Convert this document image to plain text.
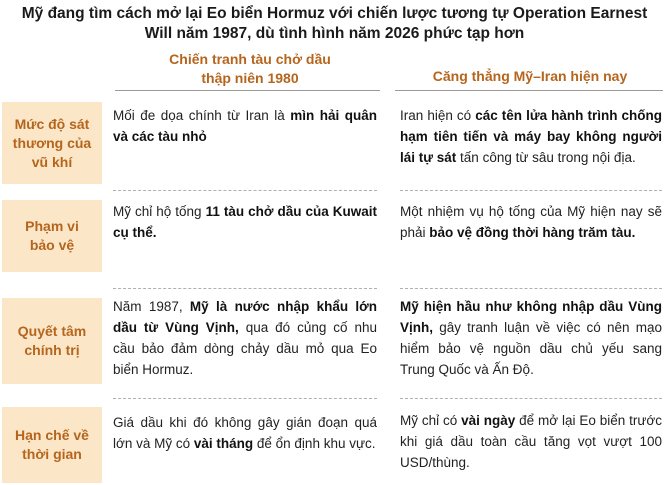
Mỹ đang tìm cách mở lại Eo biển Hormuz với chiến lược tương tự Operation Earnest Will năm 1987, dù tình hình năm 2026 phức tạp hơn
Chiến tranh tàu chở dầu
thập niên 1980	Căng thẳng Mỹ–Iran hiện nay
Mức độ sát
thương của
vũ khí
Mối đe dọa chính từ Iran là mìn hải quân và các tàu nhỏ
Iran hiện có các tên lửa hành trình chống hạm tiên tiến và máy bay không người lái tự sát tấn công từ sâu trong nội địa.
Phạm vi
bảo vệ
Mỹ chỉ hộ tống 11 tàu chở dầu của Kuwait cụ thể.
Một nhiệm vụ hộ tống của Mỹ hiện nay sẽ phải bảo vệ đồng thời hàng trăm tàu.
Quyết tâm
chính trị
Năm 1987, Mỹ là nước nhập khẩu lớn dầu từ Vùng Vịnh, qua đó củng cố nhu cầu bảo đảm dòng chảy dầu mỏ qua Eo biển Hormuz.
Mỹ hiện hầu như không nhập dầu Vùng Vịnh, gây tranh luận về việc có nên mạo hiểm bảo vệ nguồn dầu chủ yếu sang Trung Quốc và Ấn Độ.
Hạn chế về
thời gian
Giá dầu khi đó không gây gián đoạn quá lớn và Mỹ có vài tháng để ổn định khu vực.
Mỹ chỉ có vài ngày để mở lại Eo biển trước khi giá dầu toàn cầu tăng vọt vượt 100 USD/thùng.
